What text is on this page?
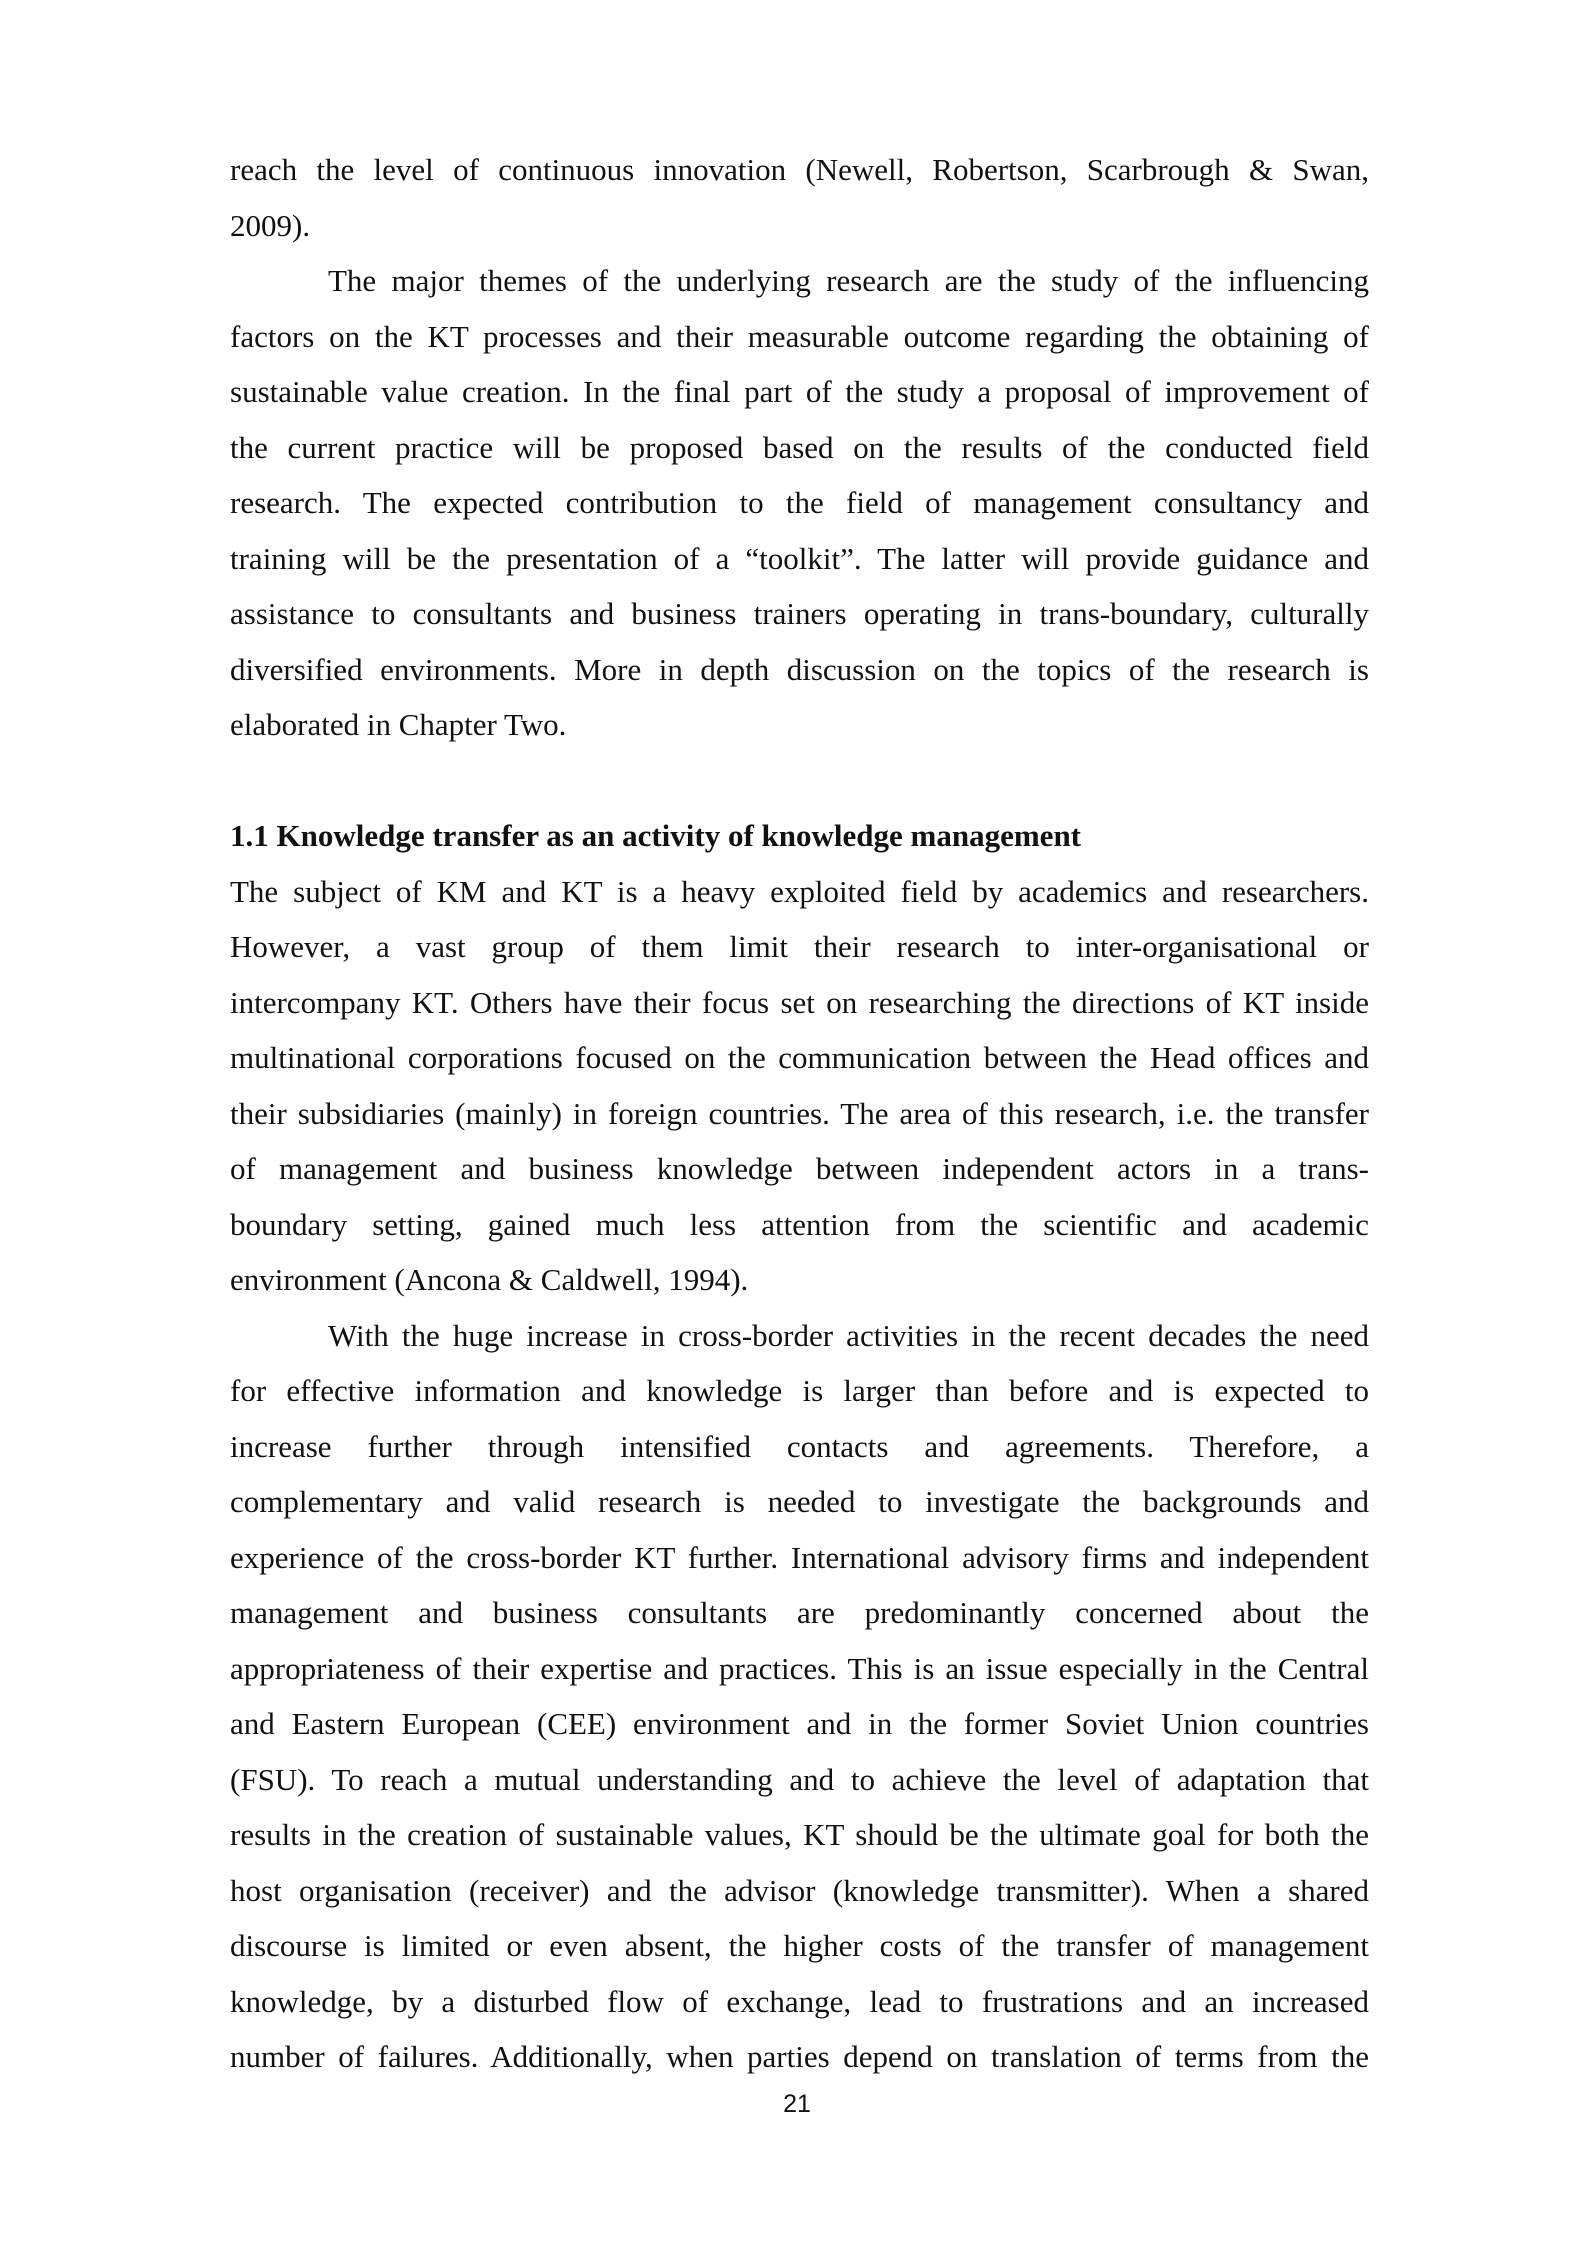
reach the level of continuous innovation (Newell, Robertson, Scarbrough & Swan,
2009).
The major themes of the underlying research are the study of the influencing
factors on the KT processes and their measurable outcome regarding the obtaining of
sustainable value creation. In the final part of the study a proposal of improvement of
the current practice will be proposed based on the results of the conducted field
research. The expected contribution to the field of management consultancy and
training will be the presentation of a “toolkit”. The latter will provide guidance and
assistance to consultants and business trainers operating in trans-boundary, culturally
diversified environments. More in depth discussion on the topics of the research is
elaborated in Chapter Two.
1.1 Knowledge transfer as an activity of knowledge management
The subject of KM and KT is a heavy exploited field by academics and researchers.
However, a vast group of them limit their research to inter-organisational or
intercompany KT. Others have their focus set on researching the directions of KT inside
multinational corporations focused on the communication between the Head offices and
their subsidiaries (mainly) in foreign countries. The area of this research, i.e. the transfer
of management and business knowledge between independent actors in a trans-
boundary setting, gained much less attention from the scientific and academic
environment (Ancona & Caldwell, 1994).
With the huge increase in cross-border activities in the recent decades the need
for effective information and knowledge is larger than before and is expected to
increase further through intensified contacts and agreements. Therefore, a
complementary and valid research is needed to investigate the backgrounds and
experience of the cross-border KT further. International advisory firms and independent
management and business consultants are predominantly concerned about the
appropriateness of their expertise and practices. This is an issue especially in the Central
and Eastern European (CEE) environment and in the former Soviet Union countries
(FSU). To reach a mutual understanding and to achieve the level of adaptation that
results in the creation of sustainable values, KT should be the ultimate goal for both the
host organisation (receiver) and the advisor (knowledge transmitter). When a shared
discourse is limited or even absent, the higher costs of the transfer of management
knowledge, by a disturbed flow of exchange, lead to frustrations and an increased
number of failures. Additionally, when parties depend on translation of terms from the
21
